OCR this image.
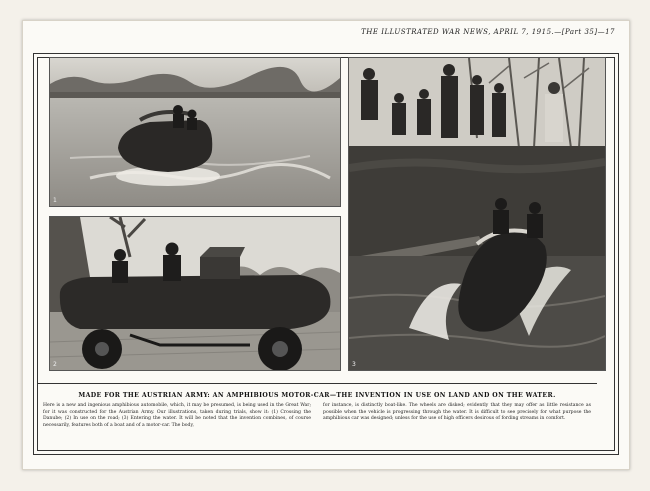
THE ILLUSTRATED WAR NEWS, APRIL 7, 1915.—[Part 35]—17
1
2	3
MADE FOR THE AUSTRIAN ARMY: AN AMPHIBIOUS MOTOR-CAR—THE INVENTION IN USE ON LAND AND ON THE WATER.

Here is a new and ingenious amphibious automobile, which, it may be presumed, is being used in the Great War; for it was constructed for the Austrian Army. Our illustrations, taken during trials, show it: (1) Crossing the Danube; (2) In use on the road; (3) Entering the water. It will be noted that the invention combines, of course necessarily, features both of a boat and of a motor-car. The body,

for instance, is distinctly boat-like. The wheels are disked; evidently that they may offer as little resistance as possible when the vehicle is progressing through the water. It is difficult to see precisely for what purpose the amphibious car was designed; unless for the use of high officers desirous of fording streams in comfort.
